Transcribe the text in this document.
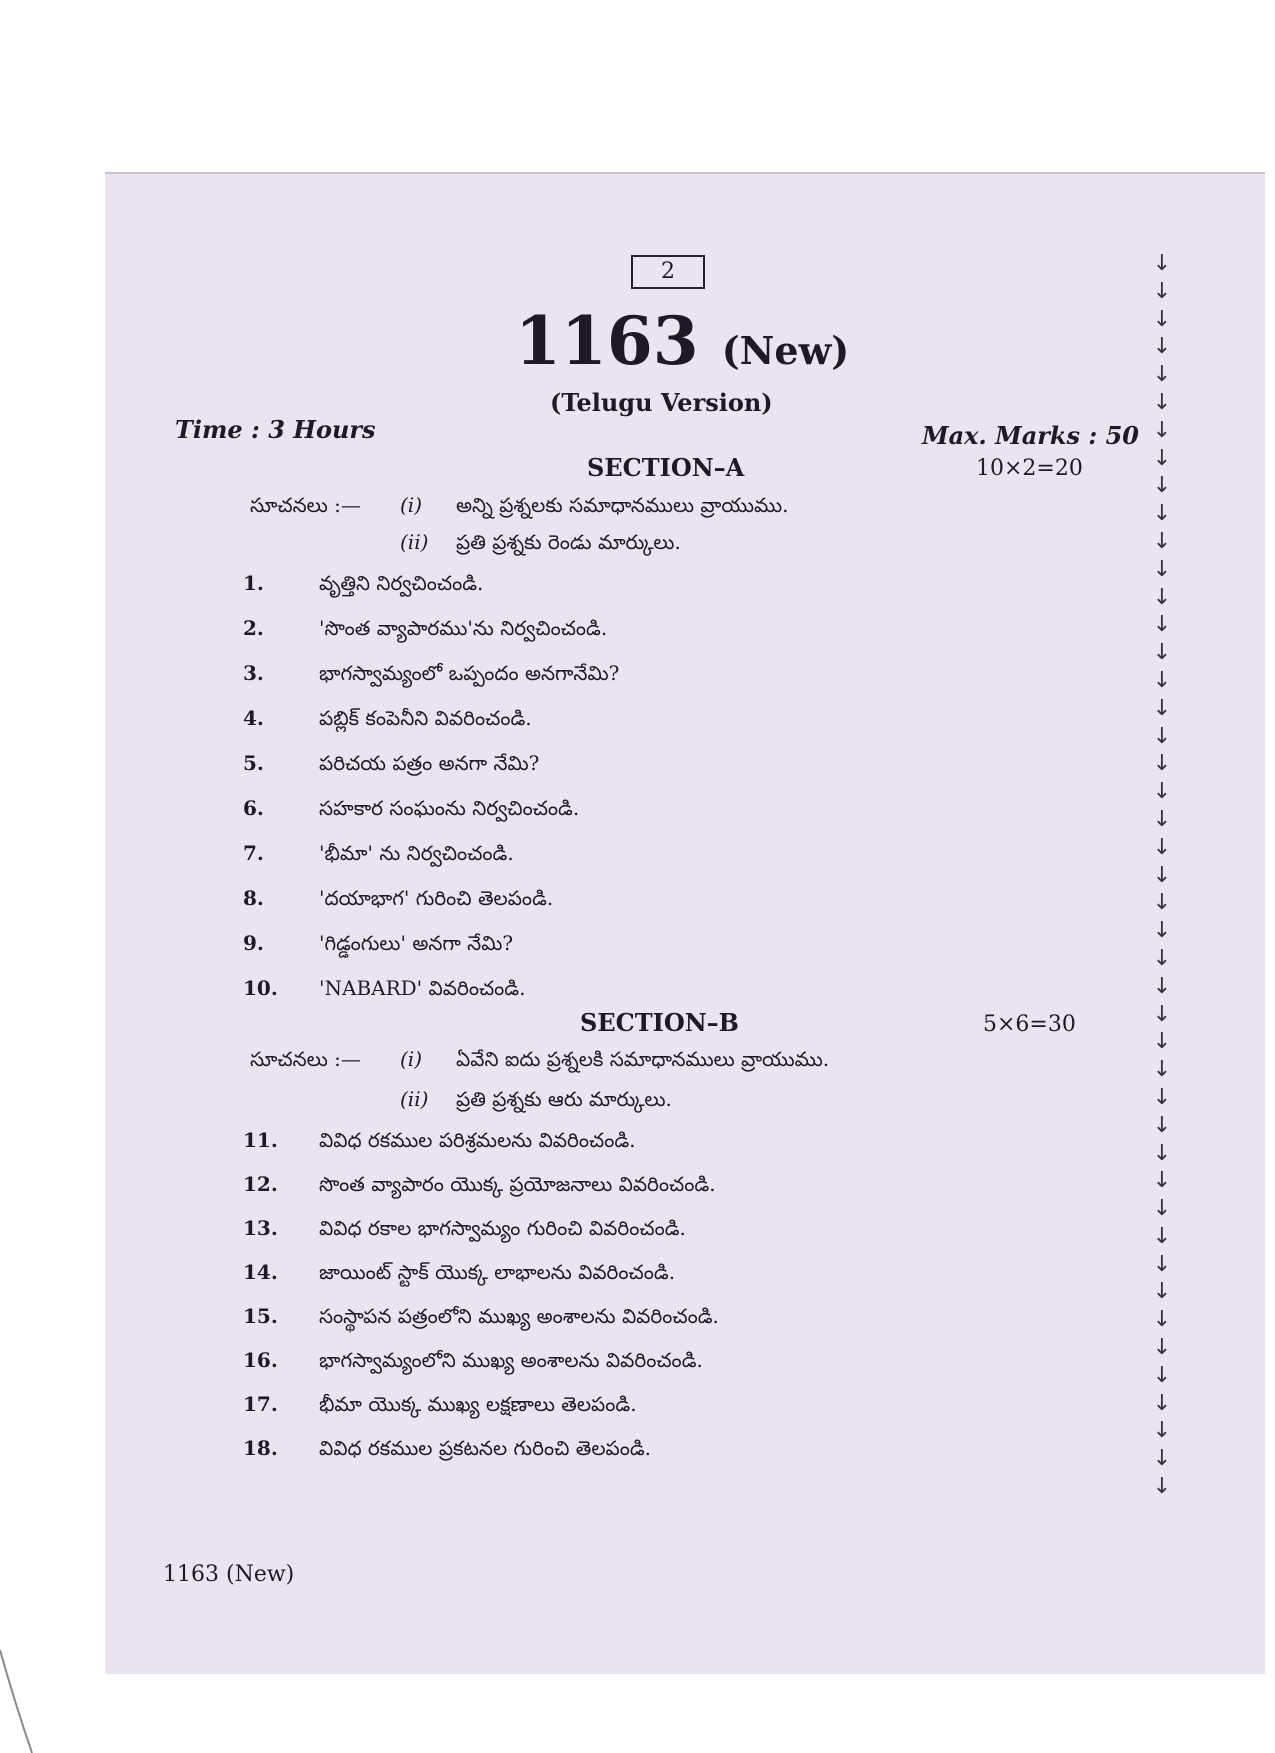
2
1163 (New)
(Telugu Version)
Time : 3 Hours	Max. Marks : 50
SECTION–A	10×2=20
సూచనలు :— (i) అన్ని ప్రశ్నలకు సమాధానములు వ్రాయుము.
(ii) ప్రతి ప్రశ్నకు రెండు మార్కులు.
1.	వృత్తిని నిర్వచించండి.
2.	'సొంత వ్యాపారము'ను నిర్వచించండి.
3.	భాగస్వామ్యంలో ఒప్పందం అనగానేమి?
4.	పబ్లిక్ కంపెనీని వివరించండి.
5.	పరిచయ పత్రం అనగా నేమి?
6.	సహకార సంఘంను నిర్వచించండి.
7.	'భీమా' ను నిర్వచించండి.
8.	'దయాభాగ' గురించి తెలపండి.
9.	'గిడ్డంగులు' అనగా నేమి?
10. 'NABARD' వివరించండి.
SECTION–B	5×6=30
సూచనలు :— (i) ఏవేని ఐదు ప్రశ్నలకి సమాధానములు వ్రాయుము.
(ii) ప్రతి ప్రశ్నకు ఆరు మార్కులు.
11. వివిధ రకముల పరిశ్రమలను వివరించండి.
12. సొంత వ్యాపారం యొక్క ప్రయోజనాలు వివరించండి.
13. వివిధ రకాల భాగస్వామ్యం గురించి వివరించండి.
14. జాయింట్ స్టాక్ యొక్క లాభాలను వివరించండి.
15. సంస్థాపన పత్రంలోని ముఖ్య అంశాలను వివరించండి.
16. భాగస్వామ్యంలోని ముఖ్య అంశాలను వివరించండి.
17. భీమా యొక్క ముఖ్య లక్షణాలు తెలపండి.
18. వివిధ రకముల ప్రకటనల గురించి తెలపండి.
1163 (New)
↓
↓
↓
↓
↓
↓
↓
↓
↓
↓
↓
↓
↓
↓
↓
↓
↓
↓
↓
↓
↓
↓
↓
↓
↓
↓
↓
↓
↓
↓
↓
↓
↓
↓
↓
↓
↓
↓
↓
↓
↓
↓
↓
↓
↓
